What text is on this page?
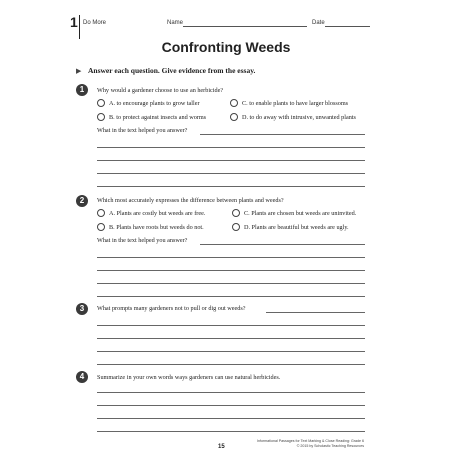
1 Do More	Name	Date
Confronting Weeds
▶ Answer each question. Give evidence from the essay.
1	Why would a gardener choose to use an herbicide?
A. to encourage plants to grow taller	C. to enable plants to have larger blossoms
B. to protect against insects and worms	D. to do away with intrusive, unwanted plants
What in the text helped you answer?
2	Which most accurately expresses the difference between plants and weeds?
A. Plants are costly but weeds are free.	C. Plants are chosen but weeds are uninvited.
B. Plants have roots but weeds do not.	D. Plants are beautiful but weeds are ugly.
What in the text helped you answer?
3	What prompts many gardeners not to pull or dig out weeds?
4	Summarize in your own words ways gardeners can use natural herbicides.
15
Informational Passages for Text Marking & Close Reading: Grade 6
© 2015 by Scholastic Teaching Resources
